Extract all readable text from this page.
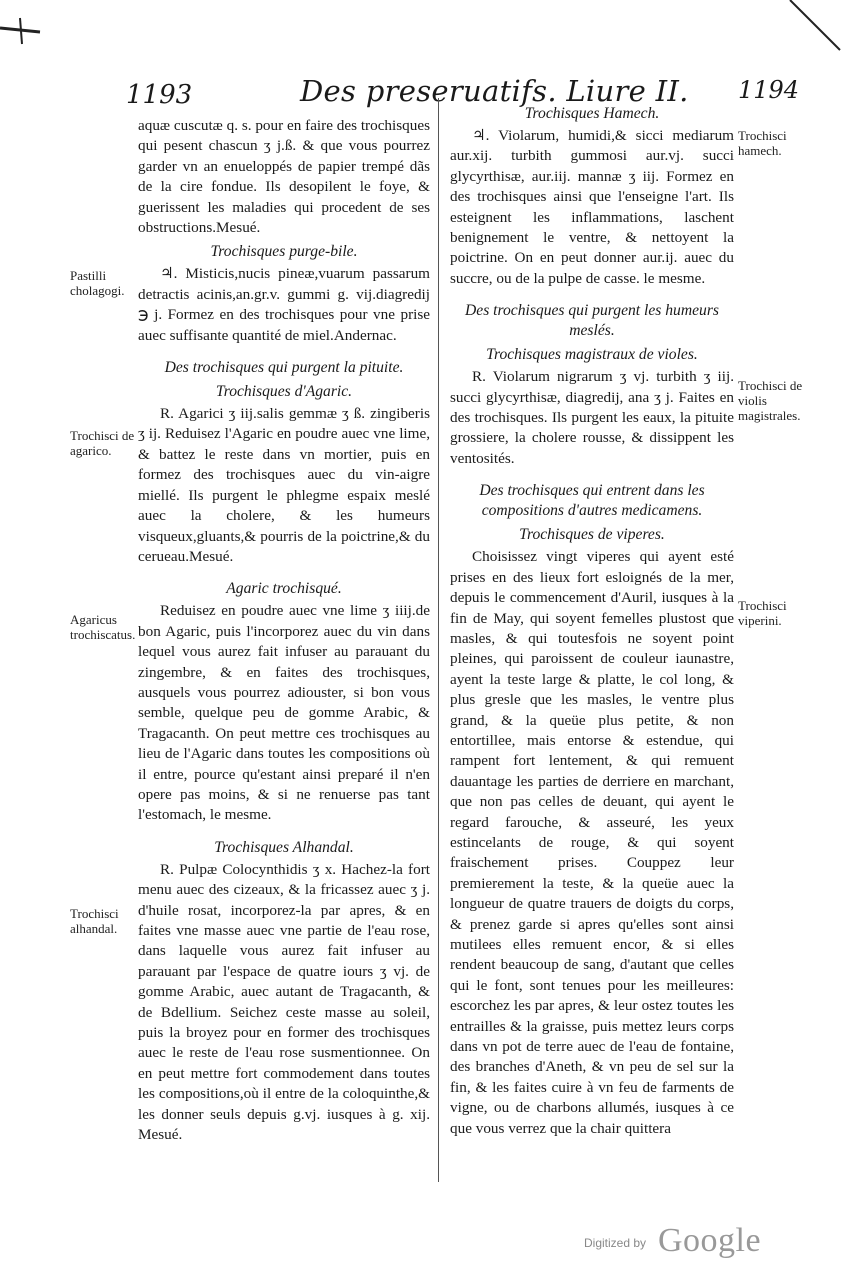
1193	Des preseruatifs. Liure II. 1194

aquæ cuscutæ q. s. pour en faire des trochisques qui pesent chascun ʒ j.ß. & que vous pourrez garder vn an enueloppés de papier trempé dãs de la cire fondue. Ils desopilent le foye, & guerissent les maladies qui procedent de ses obstructions.Mesué.

Trochisques purge-bile.

♃. Misticis,nucis pineæ,vuarum passarum detractis acinis,an.gr.v. gummi g. vij.diagredij ℈ j. Formez en des trochisques pour vne prise auec suffisante quantité de miel.Andernac.

Des trochisques qui purgent la pituite.
Trochisques d'Agaric.

R. Agarici ʒ iij.salis gemmæ ʒ ß. zingiberis ʒ ij. Reduisez l'Agaric en poudre auec vne lime, & battez le reste dans vn mortier, puis en formez des trochisques auec du vin-aigre miellé. Ils purgent le phlegme espaix meslé auec la cholere, & les humeurs visqueux,gluants,& pourris de la poictrine,& du cerueau.Mesué.

Agaric trochisqué.

Reduisez en poudre auec vne lime ʒ iiij.de bon Agaric, puis l'incorporez auec du vin dans lequel vous aurez fait infuser au parauant du zingembre, & en faites des trochisques, ausquels vous pourrez adiouster, si bon vous semble, quelque peu de gomme Arabic, & Tragacanth. On peut mettre ces trochisques au lieu de l'Agaric dans toutes les compositions où il entre, pource qu'estant ainsi preparé il n'en opere pas moins, & si ne renuerse pas tant l'estomach, le mesme.

Trochisques Alhandal.

R. Pulpæ Colocynthidis ʒ x. Hachez-la fort menu auec des cizeaux, & la fricassez auec ʒ j. d'huile rosat, incorporez-la par apres, & en faites vne masse auec vne partie de l'eau rose, dans laquelle vous aurez fait infuser au parauant par l'espace de quatre iours ʒ vj. de gomme Arabic, auec autant de Tragacanth, & de Bdellium. Seichez ceste masse au soleil, puis la broyez pour en former des trochisques auec le reste de l'eau rose susmentionnee. On en peut mettre fort commodement dans toutes les compositions,où il entre de la coloquinthe,& les donner seuls depuis g.vj. iusques à g. xij. Mesué.

Pastilli cholagogi.
Trochisci de agarico.
Agaricus trochiscatus.
Trochisci alhandal.
Trochisques Hamech.

♃. Violarum, humidi,& sicci mediarum aur.xij. turbith gummosi aur.vj. succi glycyrthisæ, aur.iij. mannæ ʒ iij. Formez en des trochisques ainsi que l'enseigne l'art. Ils esteignent les inflammations, laschent benignement le ventre, & nettoyent la poictrine. On en peut donner aur.ij. auec du succre, ou de la pulpe de casse. le mesme.

Des trochisques qui purgent les humeurs meslés.
Trochisques magistraux de violes.

R. Violarum nigrarum ʒ vj. turbith ʒ iij. succi glycyrthisæ, diagredij, ana ʒ j. Faites en des trochisques. Ils purgent les eaux, la pituite grossiere, la cholere rousse, & dissippent les ventosités.

Des trochisques qui entrent dans les compositions d'autres medicamens.
Trochisques de viperes.

Choisissez vingt viperes qui ayent esté prises en des lieux fort esloignés de la mer, depuis le commencement d'Auril, iusques à la fin de May, qui soyent femelles plustost que masles, & qui toutesfois ne soyent point pleines, qui paroissent de couleur iaunastre, ayent la teste large & platte, le col long, & plus gresle que les masles, le ventre plus grand, & la queüe plus petite, & non entortillee, mais entorse & estendue, qui rampent fort lentement, & qui remuent dauantage les parties de derriere en marchant, que non pas celles de deuant, qui ayent le regard farouche, & asseuré, les yeux estincelants de rouge, & qui soyent fraischement prises. Couppez leur premierement la teste, & la queüe auec la longueur de quatre trauers de doigts du corps, & prenez garde si apres qu'elles sont ainsi mutilees elles remuent encor, & si elles rendent beaucoup de sang, d'autant que celles qui le font, sont tenues pour les meilleures: escorchez les par apres, & leur ostez toutes les entrailles & la graisse, puis mettez leurs corps dans vn pot de terre auec de l'eau de fontaine, des branches d'Aneth, & vn peu de sel sur la fin, & les faites cuire à vn feu de farments de vigne, ou de charbons allumés, iusques à ce que vous verrez que la chair quittera

Trochisci hamech.
Trochisci de violis magistrales.
Trochisci viperini.
Digitized by Google
